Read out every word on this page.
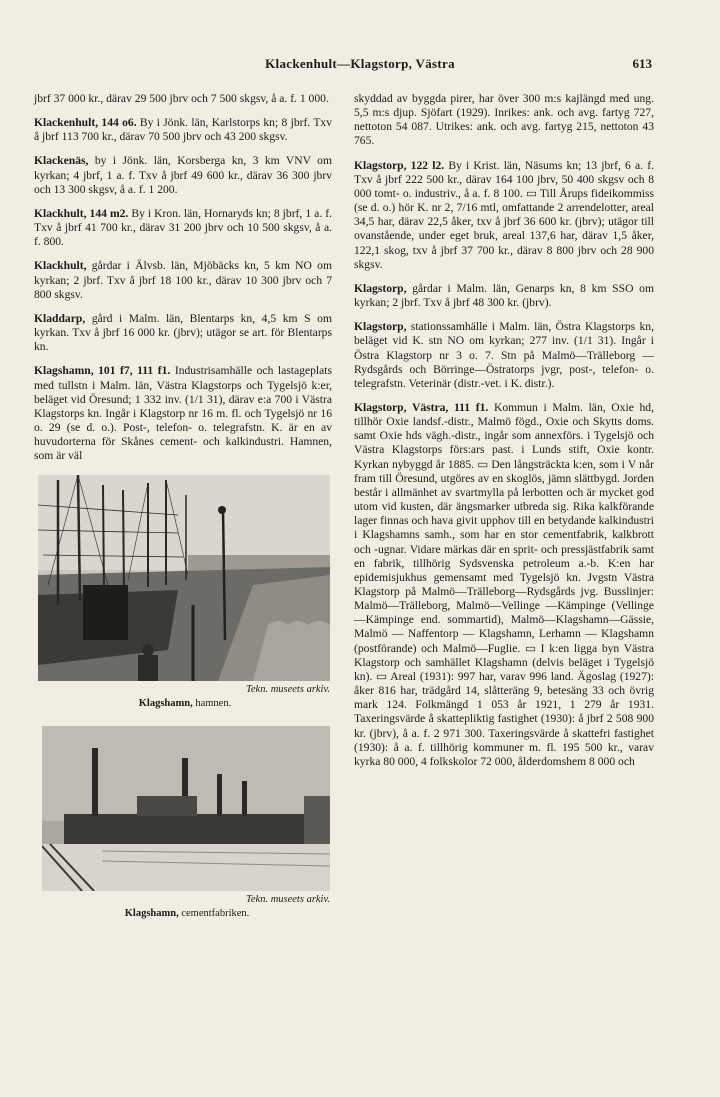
Klackenhult—Klagstorp, Västra	613

jbrf 37 000 kr., därav 29 500 jbrv och 7 500 skgsv, å a. f. 1 000.

Klackenhult, 144 o6. By i Jönk. län, Karlstorps kn; 8 jbrf. Txv å jbrf 113 700 kr., därav 70 500 jbrv och 43 200 skgsv.

Klackenäs, by i Jönk. län, Korsberga kn, 3 km VNV om kyrkan; 4 jbrf, 1 a. f. Txv å jbrf 49 600 kr., därav 36 300 jbrv och 13 300 skgsv, å a. f. 1 200.

Klackhult, 144 m2. By i Kron. län, Hornaryds kn; 8 jbrf, 1 a. f. Txv å jbrf 41 700 kr., därav 31 200 jbrv och 10 500 skgsv, å a. f. 800.

Klackhult, gårdar i Älvsb. län, Mjöbäcks kn, 5 km NO om kyrkan; 2 jbrf. Txv å jbrf 18 100 kr., därav 10 300 jbrv och 7 800 skgsv.

Kladdarp, gård i Malm. län, Blentarps kn, 4,5 km S om kyrkan. Txv å jbrf 16 000 kr. (jbrv); utägor se art. för Blentarps kn.

Klagshamn, 101 f7, 111 f1. Industrisamhälle och lastageplats med tullstn i Malm. län, Västra Klagstorps och Tygelsjö k:er, beläget vid Öresund; 1 332 inv. (1/1 31), därav e:a 700 i Västra Klagstorps kn. Ingår i Klagstorp nr 16 m. fl. och Tygelsjö nr 16 o. 29 (se d. o.). Post-, telefon- o. telegrafstn. K. är en av huvudorterna för Skånes cement- och kalkindustri. Hamnen, som är väl

Tekn. museets arkiv.
Klagshamn, hamnen.
Tekn. museets arkiv.
Klagshamn, cementfabriken.

skyddad av byggda pirer, har över 300 m:s kajlängd med ung. 5,5 m:s djup. Sjöfart (1929). Inrikes: ank. och avg. fartyg 727, nettoton 54 087. Utrikes: ank. och avg. fartyg 215, nettoton 43 765.

Klagstorp, 122 l2. By i Krist. län, Näsums kn; 13 jbrf, 6 a. f. Txv å jbrf 222 500 kr., därav 164 100 jbrv, 50 400 skgsv och 8 000 tomt- o. industriv., å a. f. 8 100. ▭ Till Årups fideikommiss (se d. o.) hör K. nr 2, 7/16 mtl, omfattande 2 arrendelotter, areal 34,5 har, därav 22,5 åker, txv å jbrf 36 600 kr. (jbrv); utägor till ovanstående, under eget bruk, areal 137,6 har, därav 1,5 åker, 122,1 skog, txv å jbrf 37 700 kr., därav 8 800 jbrv och 28 900 skgsv.

Klagstorp, gårdar i Malm. län, Genarps kn, 8 km SSO om kyrkan; 2 jbrf. Txv å jbrf 48 300 kr. (jbrv).

Klagstorp, stationssamhälle i Malm. län, Östra Klagstorps kn, beläget vid K. stn NO om kyrkan; 277 inv. (1/1 31). Ingår i Östra Klagstorp nr 3 o. 7. Stn på Malmö—Trälleborg — Rydsgårds och Börringe—Östratorps jvgr, post-, telefon- o. telegrafstn. Veterinär (distr.-vet. i K. distr.).

Klagstorp, Västra, 111 f1. Kommun i Malm. län, Oxie hd, tillhör Oxie landsf.-distr., Malmö fögd., Oxie och Skytts doms. samt Oxie hds vägh.-distr., ingår som annexförs. i Tygelsjö och Västra Klagstorps förs:ars past. i Lunds stift, Oxie kontr. Kyrkan nybyggd år 1885. ▭ Den långsträckta k:en, som i V når fram till Öresund, utgöres av en skoglös, jämn slättbygd. Jorden består i allmänhet av svartmylla på lerbotten och är mycket god utom vid kusten, där ängsmarker utbreda sig. Rika kalkförande lager finnas och hava givit upphov till en betydande kalkindustri i Klagshamns samh., som har en stor cementfabrik, kalkbrott och -ugnar. Vidare märkas där en sprit- och pressjästfabrik samt en fabrik, tillhörig Sydsvenska petroleum a.-b. K:en har epidemisjukhus gemensamt med Tygelsjö kn. Jvgstn Västra Klagstorp på Malmö—Trälleborg—Rydsgårds jvg. Busslinjer: Malmö—Trälleborg, Malmö—Vellinge —Kämpinge (Vellinge—Kämpinge end. sommartid), Malmö—Klagshamn—Gässie, Malmö — Naffentorp — Klagshamn, Lerhamn — Klagshamn (postförande) och Malmö—Fuglie. ▭ I k:en ligga byn Västra Klagstorp och samhället Klagshamn (delvis beläget i Tygelsjö kn). ▭ Areal (1931): 997 har, varav 996 land. Ägoslag (1927): åker 816 har, trädgård 14, slåtteräng 9, betesäng 33 och övrig mark 124. Folkmängd 1 053 år 1921, 1 279 år 1931. Taxeringsvärde å skattepliktig fastighet (1930): å jbrf 2 508 900 kr. (jbrv), å a. f. 2 971 300. Taxeringsvärde å skattefri fastighet (1930): å a. f. tillhörig kommuner m. fl. 195 500 kr., varav kyrka 80 000, 4 folkskolor 72 000, ålderdomshem 8 000 och
